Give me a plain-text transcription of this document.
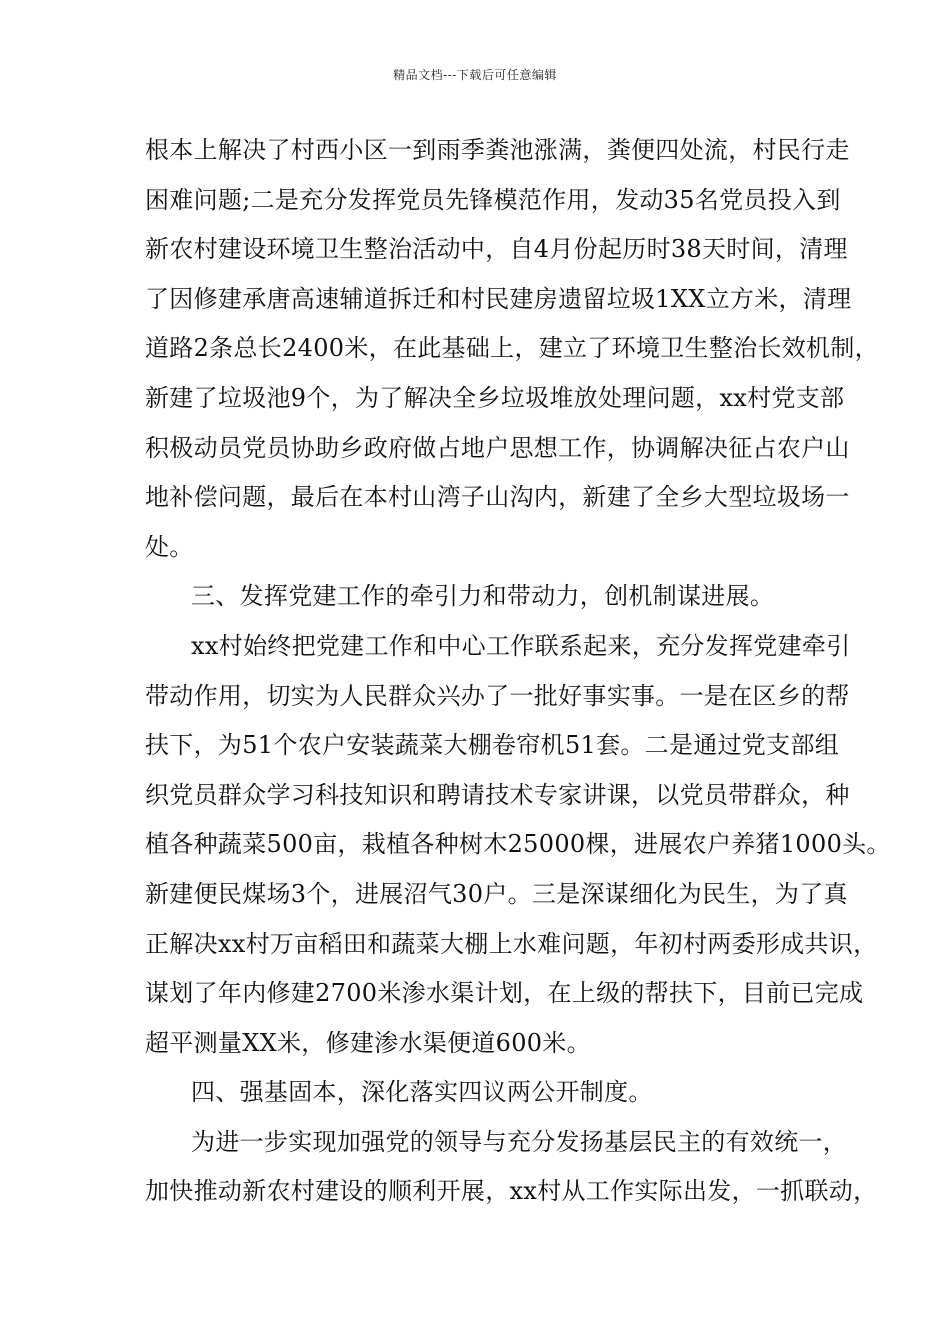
精品文档---下载后可任意编辑
根本上解决了村西小区一到雨季粪池涨满，粪便四处流，村民行走
困难问题;二是充分发挥党员先锋模范作用，发动35名党员投入到
新农村建设环境卫生整治活动中，自4月份起历时38天时间，清理
了因修建承唐高速辅道拆迁和村民建房遗留垃圾1XX立方米，清理
道路2条总长2400米，在此基础上，建立了环境卫生整治长效机制，
新建了垃圾池9个，为了解决全乡垃圾堆放处理问题，xx村党支部
积极动员党员协助乡政府做占地户思想工作，协调解决征占农户山
地补偿问题，最后在本村山湾子山沟内，新建了全乡大型垃圾场一
处。
三、发挥党建工作的牵引力和带动力，创机制谋进展。
xx村始终把党建工作和中心工作联系起来，充分发挥党建牵引
带动作用，切实为人民群众兴办了一批好事实事。一是在区乡的帮
扶下，为51个农户安装蔬菜大棚卷帘机51套。二是通过党支部组
织党员群众学习科技知识和聘请技术专家讲课，以党员带群众，种
植各种蔬菜500亩，栽植各种树木25000棵，进展农户养猪1000头。
新建便民煤场3个，进展沼气30户。三是深谋细化为民生，为了真
正解决xx村万亩稻田和蔬菜大棚上水难问题，年初村两委形成共识，
谋划了年内修建2700米渗水渠计划，在上级的帮扶下，目前已完成
超平测量XX米，修建渗水渠便道600米。
四、强基固本，深化落实四议两公开制度。
为进一步实现加强党的领导与充分发扬基层民主的有效统一，
加快推动新农村建设的顺利开展，xx村从工作实际出发，一抓联动，
